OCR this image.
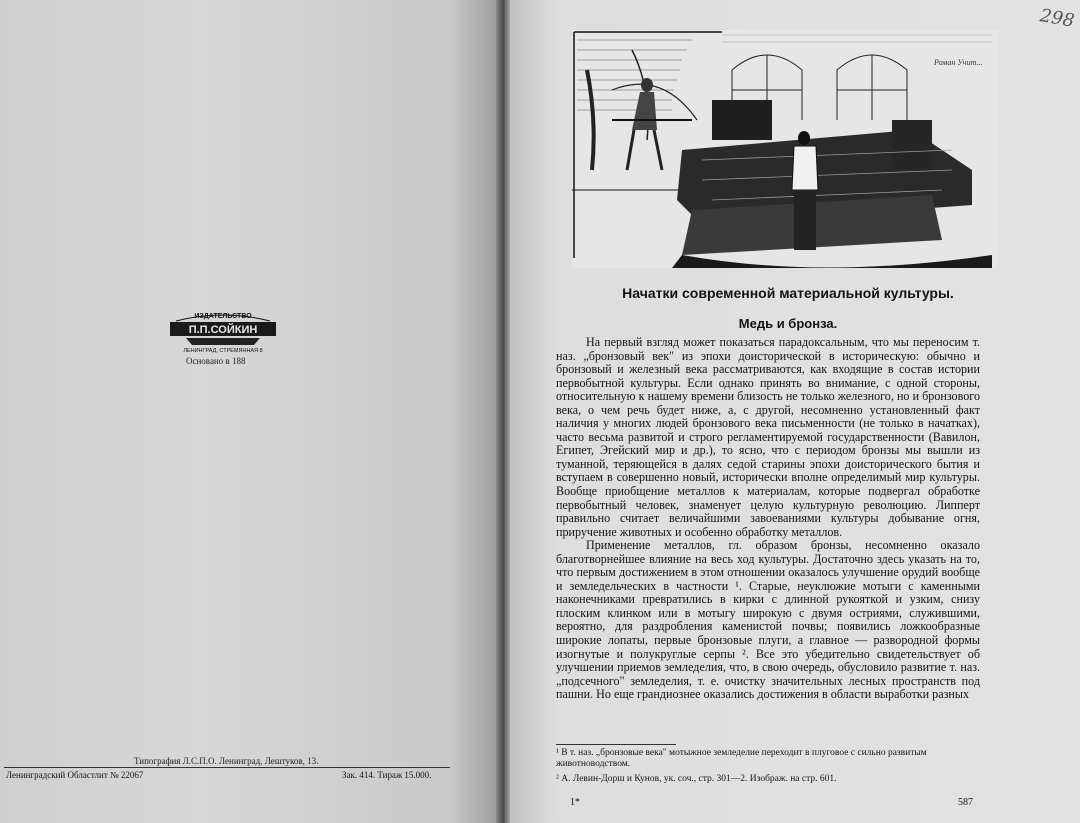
ИЗДАТЕЛЬСТВО
П.П.СОЙКИН
ЛЕНИНГРАД, СТРЕМЯННАЯ 8
Основано в 188
Типография Л.С.П.О. Ленинград, Лештуков, 13.
Ленинградский Областлит № 22067	Зак. 414. Тираж 15.000.
298
Роман Учит...
Начатки современной материальной культуры.
Медь и бронза.

На первый взгляд может показаться парадоксальным, что мы переносим т. наз. „бронзовый век" из эпохи доисторической в историческую: обычно и бронзовый и железный века рассматриваются, как входящие в состав истории первобытной культуры. Если однако принять во внимание, с одной стороны, относительную к нашему времени близость не только железного, но и бронзового века, о чем речь будет ниже, а, с другой, несомненно установленный факт наличия у многих людей бронзового века письменности (не только в начатках), часто весьма развитой и строго регламентируемой государственности (Вавилон, Египет, Эгейский мир и др.), то ясно, что с периодом бронзы мы вышли из туманной, теряющейся в далях седой старины эпохи доисторического бытия и вступаем в совершенно новый, исторически вполне определимый мир культуры. Вообще приобщение металлов к материалам, которые подвергал обработке первобытный человек, знаменует целую культурную революцию. Липперт правильно считает величайшими завоеваниями культуры добывание огня, приручение животных и особенно обработку металлов.

Применение металлов, гл. образом бронзы, несомненно оказало благотворнейшее влияние на весь ход культуры. Достаточно здесь указать на то, что первым достижением в этом отношении оказалось улучшение орудий вообще и земледельческих в частности ¹. Старые, неуклюжие мотыги с каменными наконечниками превратились в кирки с длинной рукояткой и узким, снизу плоским клинком или в мотыгу широкую с двумя остриями, служившими, вероятно, для раздробления каменистой почвы; появились ложкообразные широкие лопаты, первые бронзовые плуги, а главное — развородной формы изогнутые и полукруглые серпы ². Все это убедительно свидетельствует об улучшении приемов земледелия, что, в свою очередь, обусловило развитие т. наз. „подсечного" земледелия, т. е. очистку значительных лесных пространств под пашни. Но еще грандиознее оказались достижения в области выработки разных

¹ В т. наз. „бронзовые века" мотыжное земледелие переходит в плуговое с сильно развитым животноводством.
² А. Левин-Дорш и Кунов, ук. соч., стр. 301—2. Изображ. на стр. 601.
1*	587
